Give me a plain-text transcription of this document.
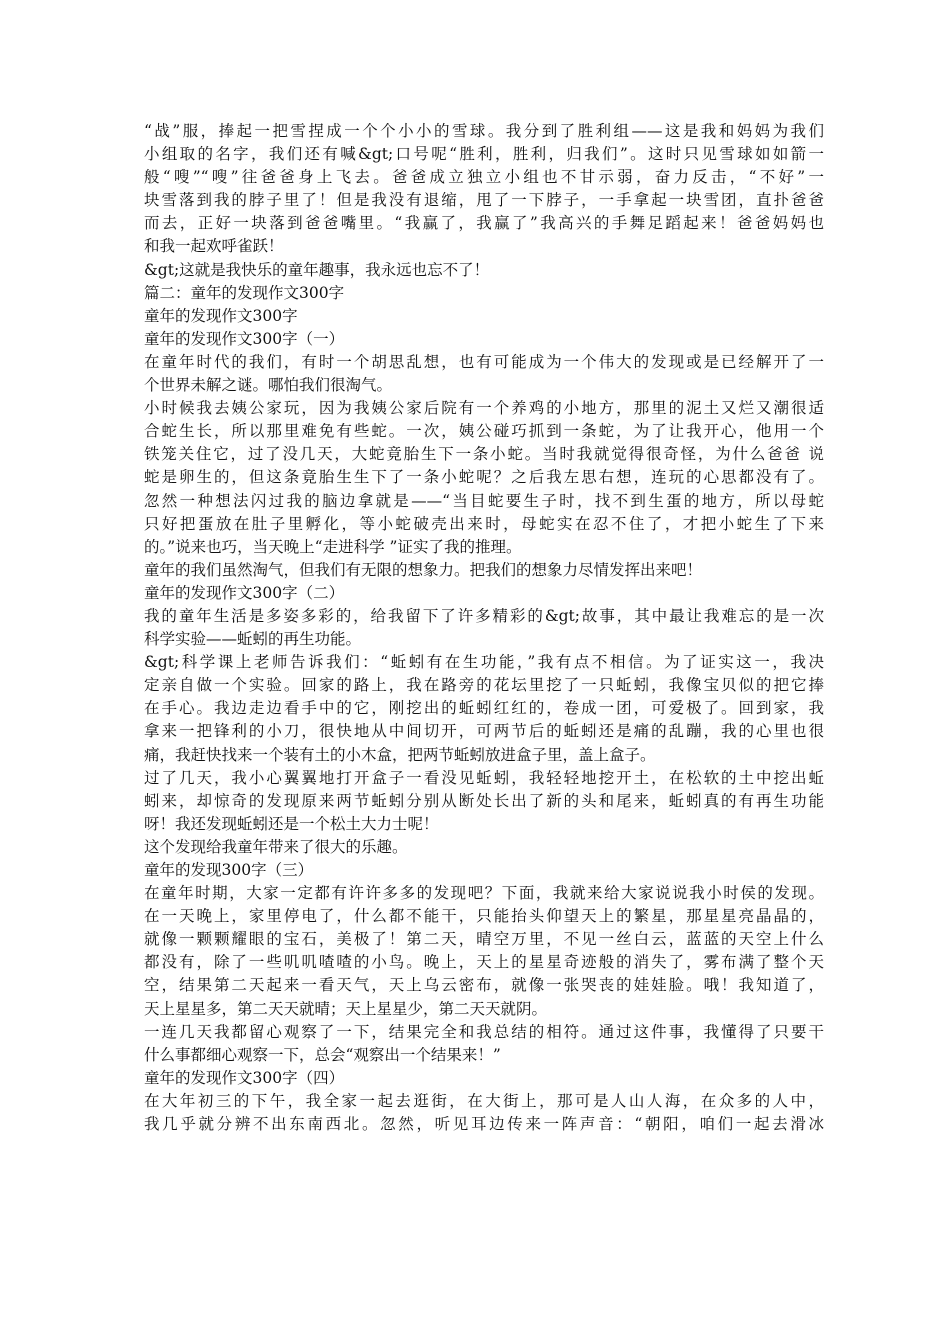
“战”服，捧起一把雪捏成一个个小小的雪球。我分到了胜利组——这是我和妈妈为我们
小组取的名字，我们还有喊&gt;口号呢“胜利，胜利，归我们”。这时只见雪球如如箭一
般“嗖”“嗖”往爸爸身上飞去。爸爸成立独立小组也不甘示弱，奋力反击，“不好”一
块雪落到我的脖子里了！但是我没有退缩，甩了一下脖子，一手拿起一块雪团，直扑爸爸
而去，正好一块落到爸爸嘴里。“我赢了，我赢了”我高兴的手舞足蹈起来！爸爸妈妈也
和我一起欢呼雀跃！
&gt;这就是我快乐的童年趣事，我永远也忘不了！
篇二：童年的发现作文300字
童年的发现作文300字
童年的发现作文300字（一）
在童年时代的我们，有时一个胡思乱想，也有可能成为一个伟大的发现或是已经解开了一
个世界未解之谜。哪怕我们很淘气。
小时候我去姨公家玩，因为我姨公家后院有一个养鸡的小地方，那里的泥土又烂又潮很适
合蛇生长，所以那里难免有些蛇。一次，姨公碰巧抓到一条蛇，为了让我开心，他用一个
铁笼关住它，过了没几天，大蛇竟胎生下一条小蛇。当时我就觉得很奇怪，为什么爸爸 说
蛇是卵生的，但这条竟胎生生下了一条小蛇呢？之后我左思右想，连玩的心思都没有了。
忽然一种想法闪过我的脑边拿就是——“当目蛇要生子时，找不到生蛋的地方，所以母蛇
只好把蛋放在肚子里孵化，等小蛇破壳出来时，母蛇实在忍不住了，才把小蛇生了下来
的。”说来也巧，当天晚上“走进科学 ”证实了我的推理。
童年的我们虽然淘气，但我们有无限的想象力。把我们的想象力尽情发挥出来吧！
童年的发现作文300字（二）
我的童年生活是多姿多彩的，给我留下了许多精彩的&gt;故事，其中最让我难忘的是一次
科学实验——蚯蚓的再生功能。
&gt;科学课上老师告诉我们：“蚯蚓有在生功能，”我有点不相信。为了证实这一，我决
定亲自做一个实验。回家的路上，我在路旁的花坛里挖了一只蚯蚓，我像宝贝似的把它捧
在手心。我边走边看手中的它，刚挖出的蚯蚓红红的，卷成一团，可爱极了。回到家，我
拿来一把锋利的小刀，很快地从中间切开，可两节后的蚯蚓还是痛的乱蹦，我的心里也很
痛，我赶快找来一个装有土的小木盒，把两节蚯蚓放进盒子里，盖上盒子。
过了几天，我小心翼翼地打开盒子一看没见蚯蚓，我轻轻地挖开土，在松软的土中挖出蚯
蚓来，却惊奇的发现原来两节蚯蚓分别从断处长出了新的头和尾来，蚯蚓真的有再生功能
呀！我还发现蚯蚓还是一个松土大力士呢！
这个发现给我童年带来了很大的乐趣。
童年的发现300字（三）
在童年时期，大家一定都有许许多多的发现吧？下面，我就来给大家说说我小时侯的发现。
在一天晚上，家里停电了，什么都不能干，只能抬头仰望天上的繁星，那星星亮晶晶的，
就像一颗颗耀眼的宝石，美极了！第二天，晴空万里，不见一丝白云，蓝蓝的天空上什么
都没有，除了一些叽叽喳喳的小鸟。晚上，天上的星星奇迹般的消失了，雾布满了整个天
空，结果第二天起来一看天气，天上乌云密布，就像一张哭丧的娃娃脸。哦！我知道了，
天上星星多，第二天天就晴；天上星星少，第二天天就阴。
一连几天我都留心观察了一下，结果完全和我总结的相符。通过这件事，我懂得了只要干
什么事都细心观察一下，总会“观察出一个结果来！”
童年的发现作文300字（四）
在大年初三的下午，我全家一起去逛街，在大街上，那可是人山人海，在众多的人中，
我几乎就分辨不出东南西北。忽然，听见耳边传来一阵声音：“朝阳，咱们一起去滑冰
